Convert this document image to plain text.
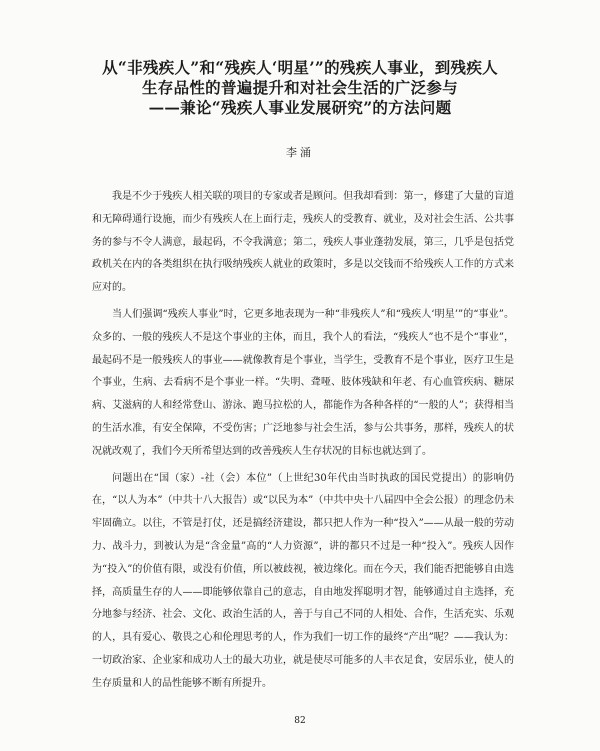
从“非残疾人”和“残疾人‘明星’”的残疾人事业，到残疾人
生存品性的普遍提升和对社会生活的广泛参与
——兼论“残疾人事业发展研究”的方法问题
李涌

我是不少于残疾人相关联的项目的专家或者是顾问。但我却看到：第一，修建了大量的盲道和无障碍通行设施，而少有残疾人在上面行走，残疾人的受教育、就业，及对社会生活、公共事务的参与不令人满意，最起码，不令我满意；第二，残疾人事业蓬勃发展，第三，几乎是包括党政机关在内的各类组织在执行吸纳残疾人就业的政策时，多是以交钱而不给残疾人工作的方式来应对的。

当人们强调“残疾人事业”时，它更多地表现为一种“非残疾人”和“残疾人‘明星’”的“事业”。众多的、一般的残疾人不是这个事业的主体，而且，我个人的看法，“残疾人”也不是个“事业”，最起码不是一般残疾人的事业——就像教育是个事业，当学生，受教育不是个事业，医疗卫生是个事业，生病、去看病不是个事业一样。“失明、聋哑、肢体残缺和年老、有心血管疾病、糖尿病、艾滋病的人和经常登山、游泳、跑马拉松的人，都能作为各种各样的“一般的人”；获得相当的生活水准，有安全保障，不受伤害；广泛地参与社会生活，参与公共事务，那样，残疾人的状况就改观了，我们今天所希望达到的改善残疾人生存状况的目标也就达到了。

问题出在“国（家）-社（会）本位”（上世纪30年代由当时执政的国民党提出）的影响仍在，“以人为本”（中共十八大报告）或“以民为本”（中共中央十八届四中全会公报）的理念仍未牢固确立。以往，不管是打仗，还是搞经济建设，都只把人作为一种“投入”——从最一般的劳动力、战斗力，到被认为是“含金量”高的“人力资源”，讲的都只不过是一种“投入”。残疾人因作为“投入”的价值有限，或没有价值，所以被歧视，被边缘化。而在今天，我们能否把能够自由选择，高质量生存的人——即能够依靠自己的意志，自由地发挥聪明才智，能够通过自主选择，充分地参与经济、社会、文化、政治生活的人，善于与自己不同的人相处、合作，生活充实、乐观的人，具有爱心、敬畏之心和伦理思考的人，作为我们一切工作的最终“产出”呢？——我认为：一切政治家、企业家和成功人士的最大功业，就是使尽可能多的人丰衣足食，安居乐业，使人的生存质量和人的品性能够不断有所提升。

82
